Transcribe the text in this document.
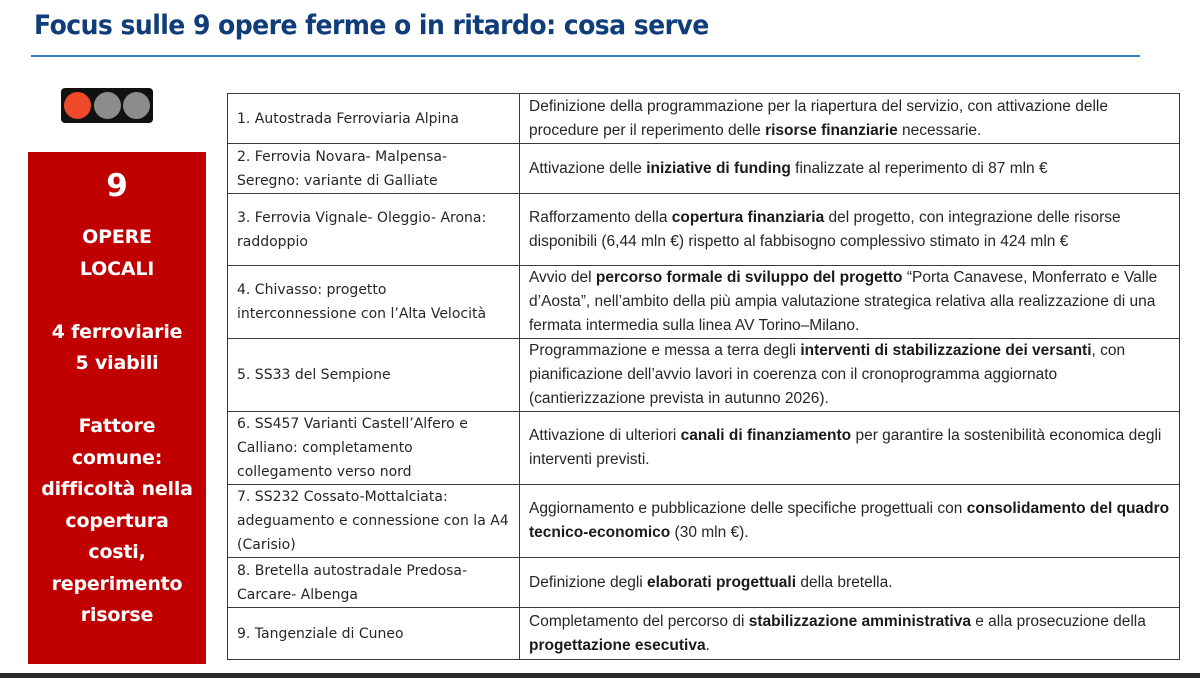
Focus sulle 9 opere ferme o in ritardo: cosa serve
9
OPERE
LOCALI
4 ferroviarie
5 viabili
Fattore
comune:
difficoltà nella
copertura
costi,
reperimento
risorse
1. Autostrada Ferroviaria Alpina	Definizione della programmazione per la riapertura del servizio, con attivazione delle procedure per il reperimento delle risorse finanziarie necessarie.
2. Ferrovia Novara- Malpensa- Seregno: variante di Galliate	Attivazione delle iniziative di funding finalizzate al reperimento di 87 mln €
3. Ferrovia Vignale- Oleggio- Arona: raddoppio	Rafforzamento della copertura finanziaria del progetto, con integrazione delle risorse disponibili (6,44 mln €) rispetto al fabbisogno complessivo stimato in 424 mln €
4. Chivasso: progetto interconnessione con l’Alta Velocità	Avvio del percorso formale di sviluppo del progetto “Porta Canavese, Monferrato e Valle d’Aosta”, nell’ambito della più ampia valutazione strategica relativa alla realizzazione di una fermata intermedia sulla linea AV Torino–Milano.
5. SS33 del Sempione	Programmazione e messa a terra degli interventi di stabilizzazione dei versanti, con pianificazione dell’avvio lavori in coerenza con il cronoprogramma aggiornato (cantierizzazione prevista in autunno 2026).
6. SS457 Varianti Castell’Alfero e Calliano: completamento collegamento verso nord	Attivazione di ulteriori canali di finanziamento per garantire la sostenibilità economica degli interventi previsti.
7. SS232 Cossato-Mottalciata: adeguamento e connessione con la A4 (Carisio)	Aggiornamento e pubblicazione delle specifiche progettuali con consolidamento del quadro tecnico-economico (30 mln €).
8. Bretella autostradale Predosa- Carcare- Albenga	Definizione degli elaborati progettuali della bretella.
9. Tangenziale di Cuneo	Completamento del percorso di stabilizzazione amministrativa e alla prosecuzione della progettazione esecutiva.
